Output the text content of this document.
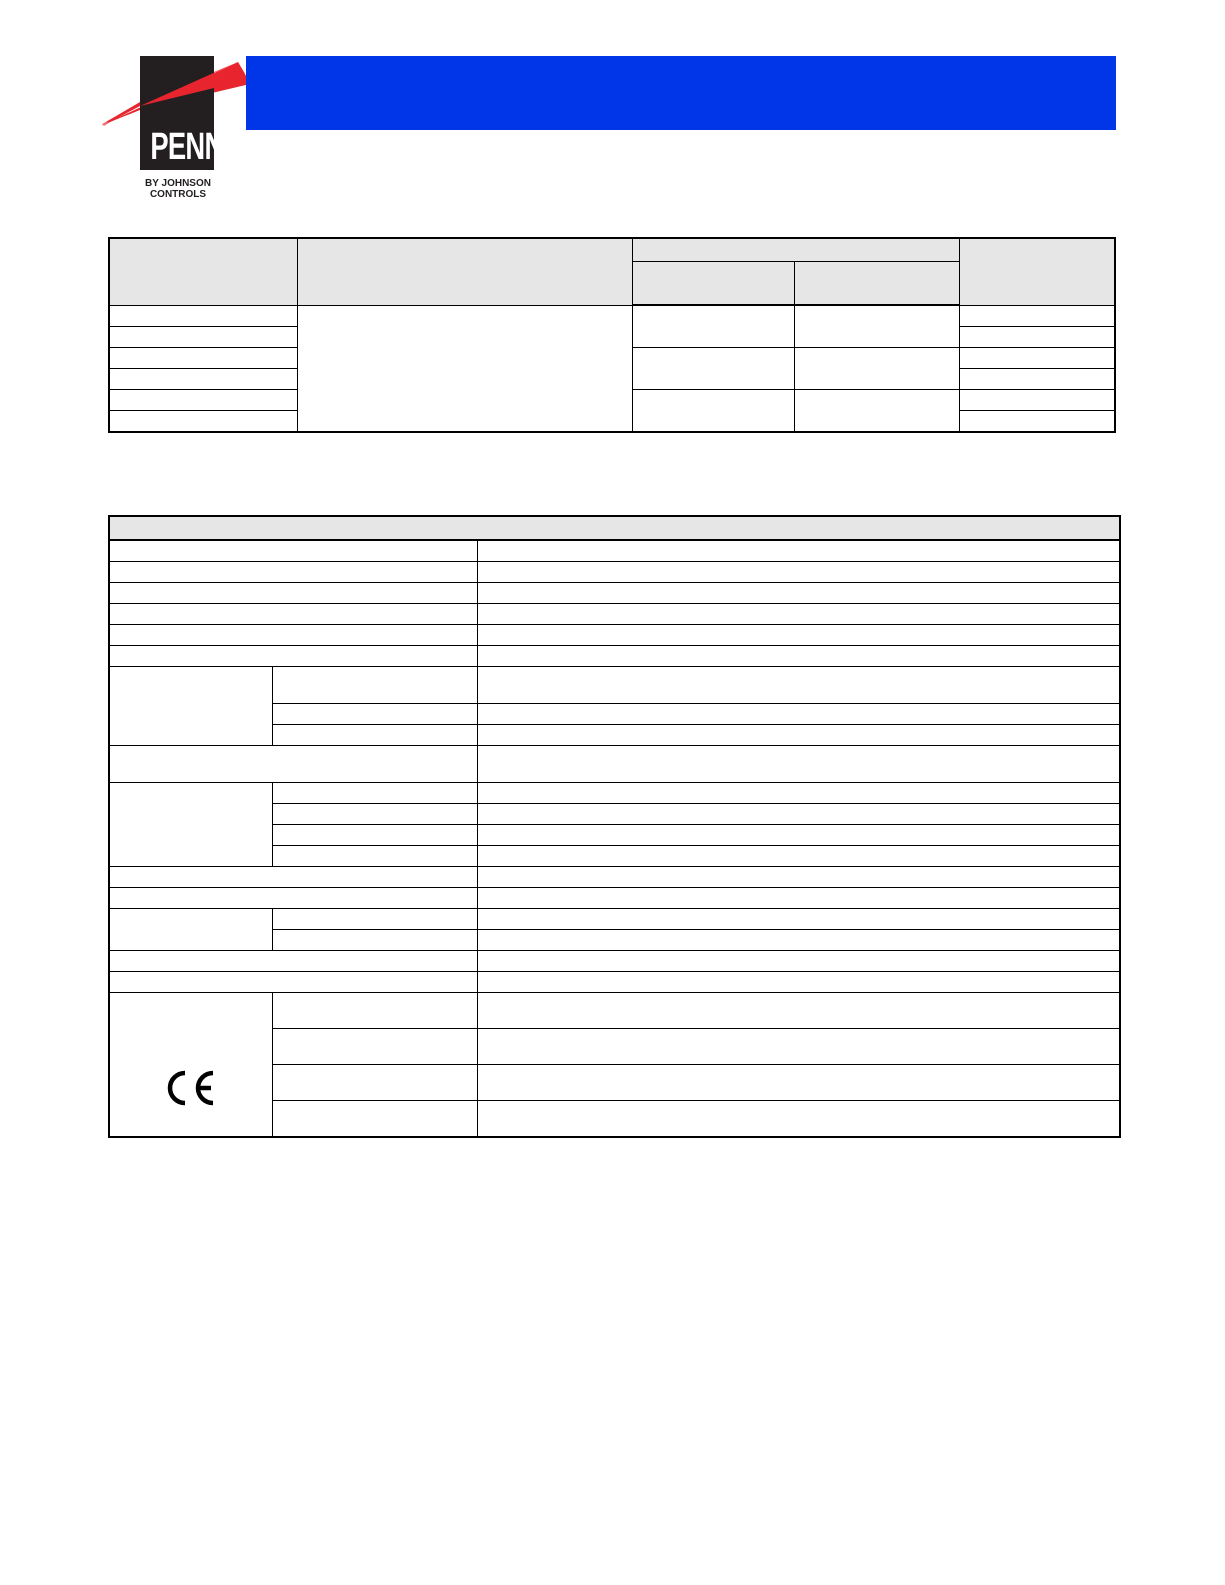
PENN
BY JOHNSON
CONTROLS
